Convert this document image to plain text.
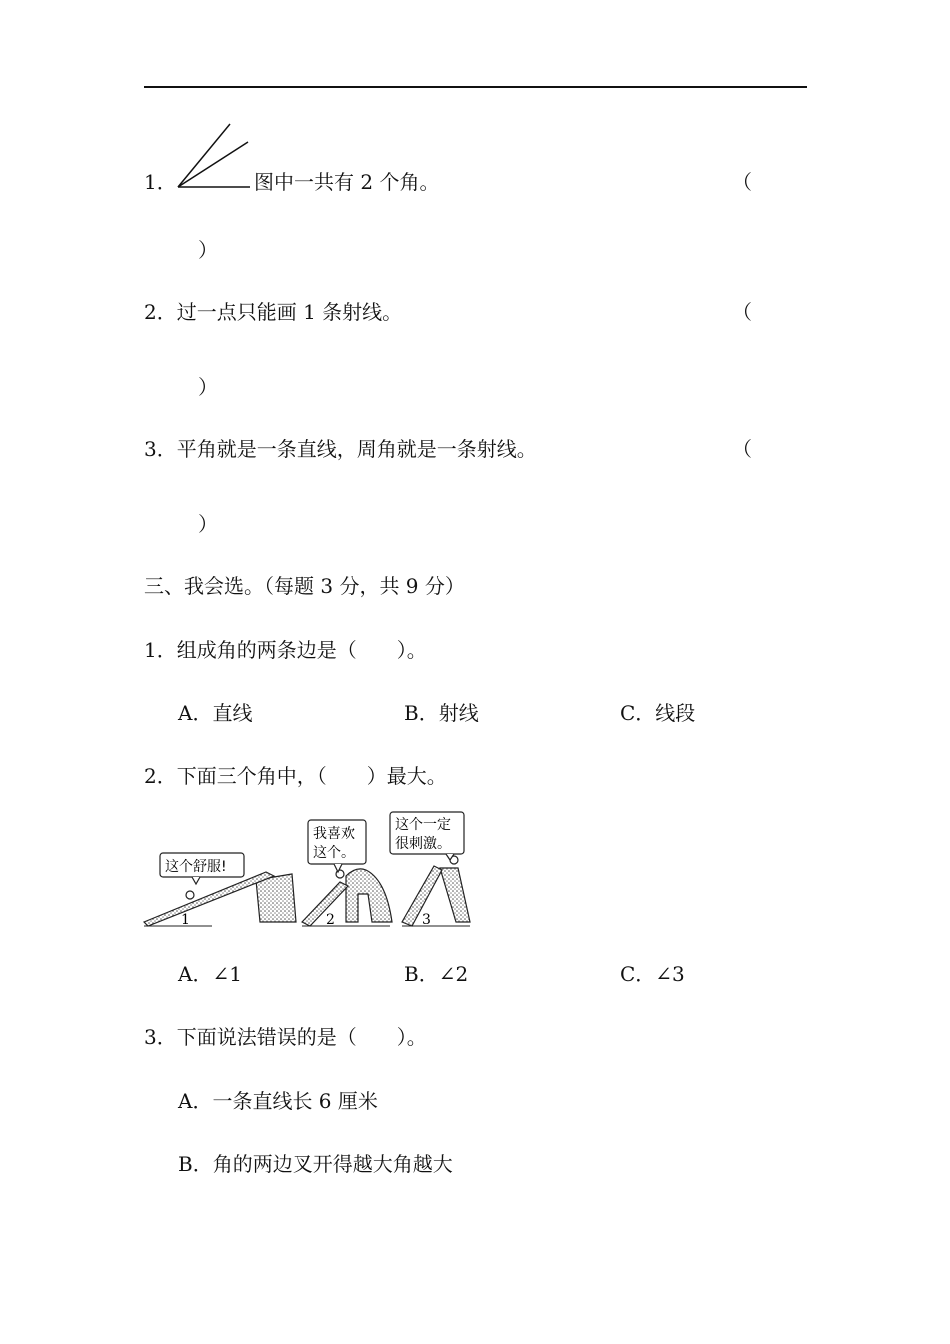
1．	图中一共有 2 个角。	（
）
2．过一点只能画 1 条射线。	（
）
3．平角就是一条直线，周角就是一条射线。	（
）
三、我会选。（每题 3 分，共 9 分）
1．组成角的两条边是（　　）。
A．直线	B．射线	C．线段
2．下面三个角中，（　　）最大。
这个舒服!
1
我喜欢
这个。
2
这个一定
很刺激。
3
A．∠1	B．∠2	C．∠3
3．下面说法错误的是（　　）。
A．一条直线长 6 厘米
B．角的两边叉开得越大角越大
